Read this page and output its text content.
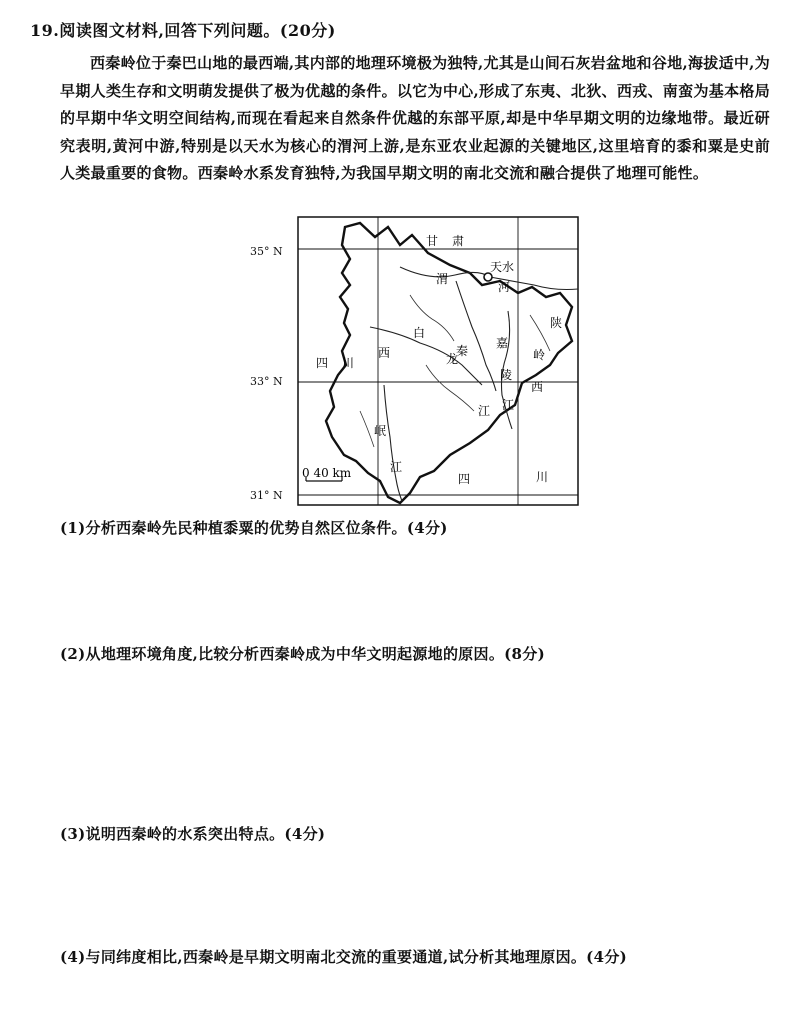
19.阅读图文材料,回答下列问题。(20分)
西秦岭位于秦巴山地的最西端,其内部的地理环境极为独特,尤其是山间石灰岩盆地和谷地,海拔适中,为早期人类生存和文明萌发提供了极为优越的条件。以它为中心,形成了东夷、北狄、西戎、南蛮为基本格局的早期中华文明空间结构,而现在看起来自然条件优越的东部平原,却是中华早期文明的边缘地带。最近研究表明,黄河中游,特别是以天水为核心的渭河上游,是东亚农业起源的关键地区,这里培育的黍和粟是史前人类最重要的食物。西秦岭水系发育独特,为我国早期文明的南北交流和融合提供了地理可能性。
35° N
33° N
31° N
0 40 km
甘 肃
陕
岭
四 川
四	川
西
天水
渭
河
白
西	秦
龙
嘉
陵
江 江
岷
江
(1)分析西秦岭先民种植黍粟的优势自然区位条件。(4分)
(2)从地理环境角度,比较分析西秦岭成为中华文明起源地的原因。(8分)
(3)说明西秦岭的水系突出特点。(4分)
(4)与同纬度相比,西秦岭是早期文明南北交流的重要通道,试分析其地理原因。(4分)
